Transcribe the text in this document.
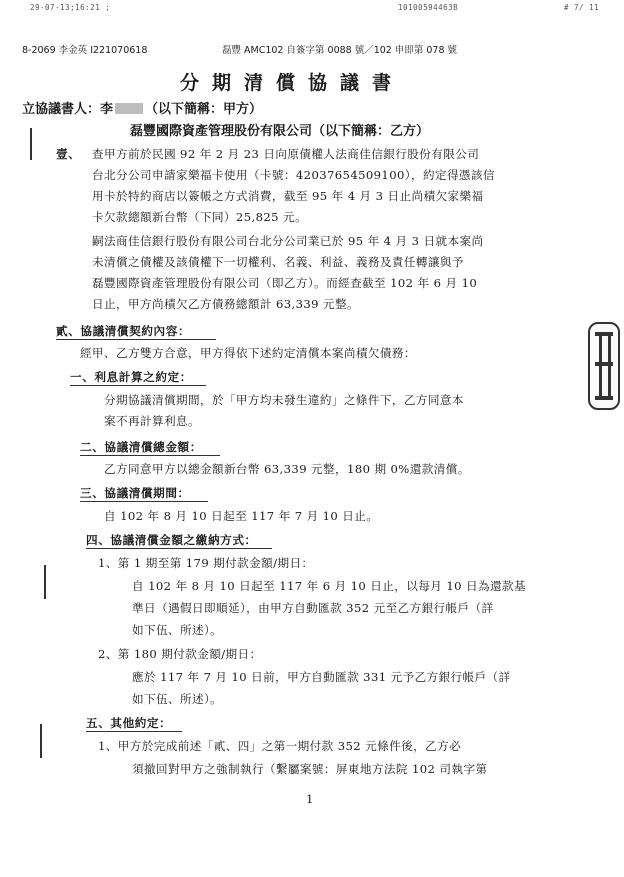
29-07-13;16:21 ;	10100594463B	# 7/ 11
8-2069 李金英 I221070618	磊豐 AMC102 自簽字第 0088 號／102 申即第 078 號
分期清償協議書
立協議書人：李 （以下簡稱：甲方）
磊豐國際資產管理股份有限公司（以下簡稱：乙方）
壹、 查甲方前於民國 92 年 2 月 23 日向原債權人法商佳信銀行股份有限公司
台北分公司申請家樂福卡使用（卡號：42037654509100），約定得憑該信
用卡於特約商店以簽帳之方式消費，截至 95 年 4 月 3 日止尚積欠家樂福
卡欠款總額新台幣（下同）25,825 元。
嗣法商佳信銀行股份有限公司台北分公司業已於 95 年 4 月 3 日就本案尚
未清償之債權及該債權下一切權利、名義、利益、義務及責任轉讓與予
磊豐國際資產管理股份有限公司（即乙方）。而經查截至 102 年 6 月 10
日止，甲方尚積欠乙方債務總額計 63,339 元整。
貳、協議清償契約內容：
經甲、乙方雙方合意，甲方得依下述約定清償本案尚積欠債務：
一、利息計算之約定：
分期協議清償期間，於「甲方均未發生違約」之條件下，乙方同意本
案不再計算利息。
二、協議清償總金額：
乙方同意甲方以總金額新台幣 63,339 元整，180 期 0%還款清償。
三、協議清償期間：
自 102 年 8 月 10 日起至 117 年 7 月 10 日止。
四、協議清償金額之繳納方式：
1、第 1 期至第 179 期付款金額/期日：
自 102 年 8 月 10 日起至 117 年 6 月 10 日止，以每月 10 日為還款基
準日（遇假日即順延），由甲方自動匯款 352 元至乙方銀行帳戶（詳
如下伍、所述）。
2、第 180 期付款金額/期日：
應於 117 年 7 月 10 日前，甲方自動匯款 331 元予乙方銀行帳戶（詳
如下伍、所述）。
五、其他約定：
1、甲方於完成前述「貳、四」之第一期付款 352 元條件後，乙方必
須撤回對甲方之強制執行（繫屬案號：屏東地方法院 102 司執字第
1
